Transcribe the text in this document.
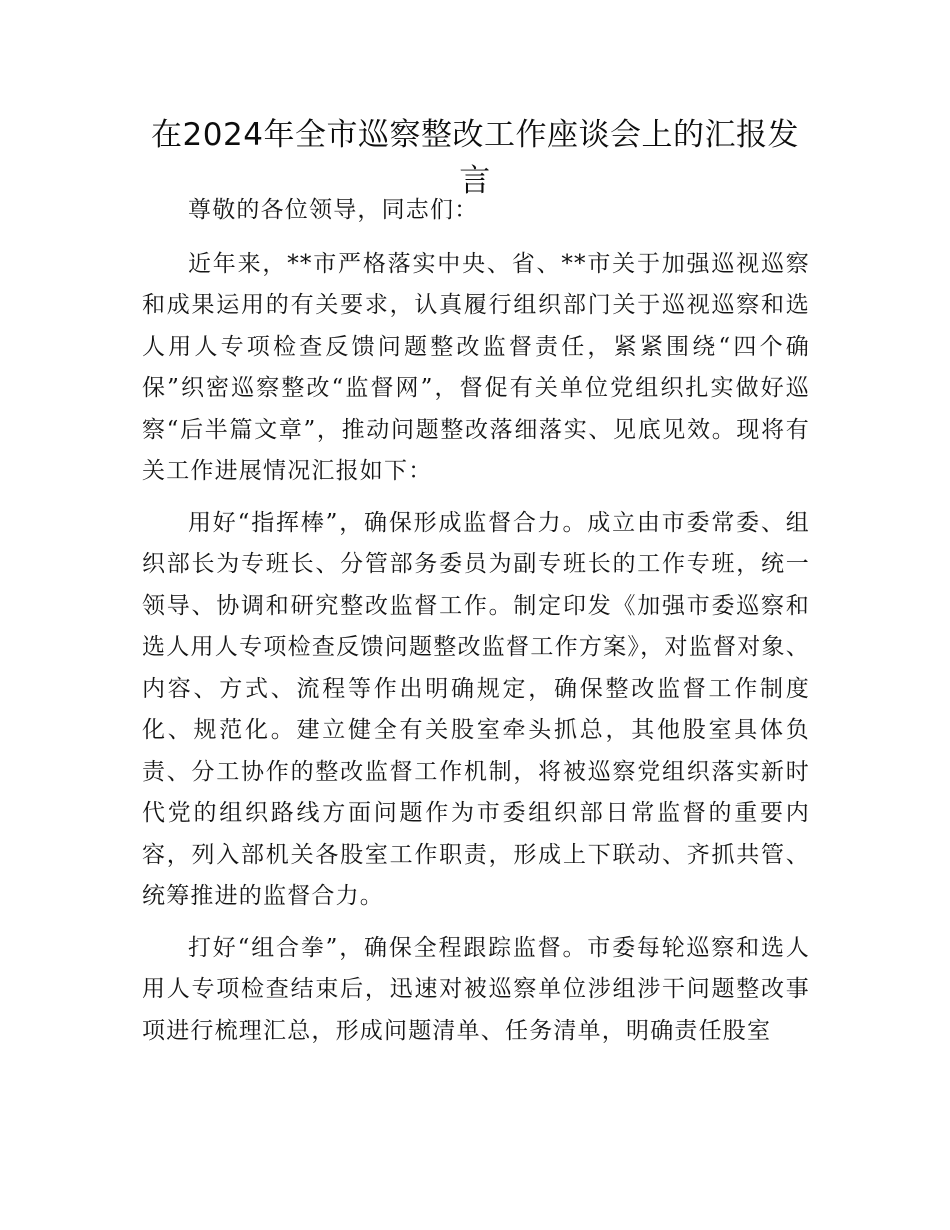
在2024年全市巡察整改工作座谈会上的汇报发言

尊敬的各位领导，同志们：

近年来，**市严格落实中央、省、**市关于加强巡视巡察和成果运用的有关要求，认真履行组织部门关于巡视巡察和选人用人专项检查反馈问题整改监督责任，紧紧围绕“四个确保”织密巡察整改“监督网”，督促有关单位党组织扎实做好巡察“后半篇文章”，推动问题整改落细落实、见底见效。现将有关工作进展情况汇报如下：

用好“指挥棒”，确保形成监督合力。成立由市委常委、组织部长为专班长、分管部务委员为副专班长的工作专班，统一领导、协调和研究整改监督工作。制定印发《加强市委巡察和选人用人专项检查反馈问题整改监督工作方案》，对监督对象、内容、方式、流程等作出明确规定，确保整改监督工作制度化、规范化。建立健全有关股室牵头抓总，其他股室具体负责、分工协作的整改监督工作机制，将被巡察党组织落实新时代党的组织路线方面问题作为市委组织部日常监督的重要内容，列入部机关各股室工作职责，形成上下联动、齐抓共管、统筹推进的监督合力。

打好“组合拳”，确保全程跟踪监督。市委每轮巡察和选人用人专项检查结束后，迅速对被巡察单位涉组涉干问题整改事项进行梳理汇总，形成问题清单、任务清单，明确责任股室
